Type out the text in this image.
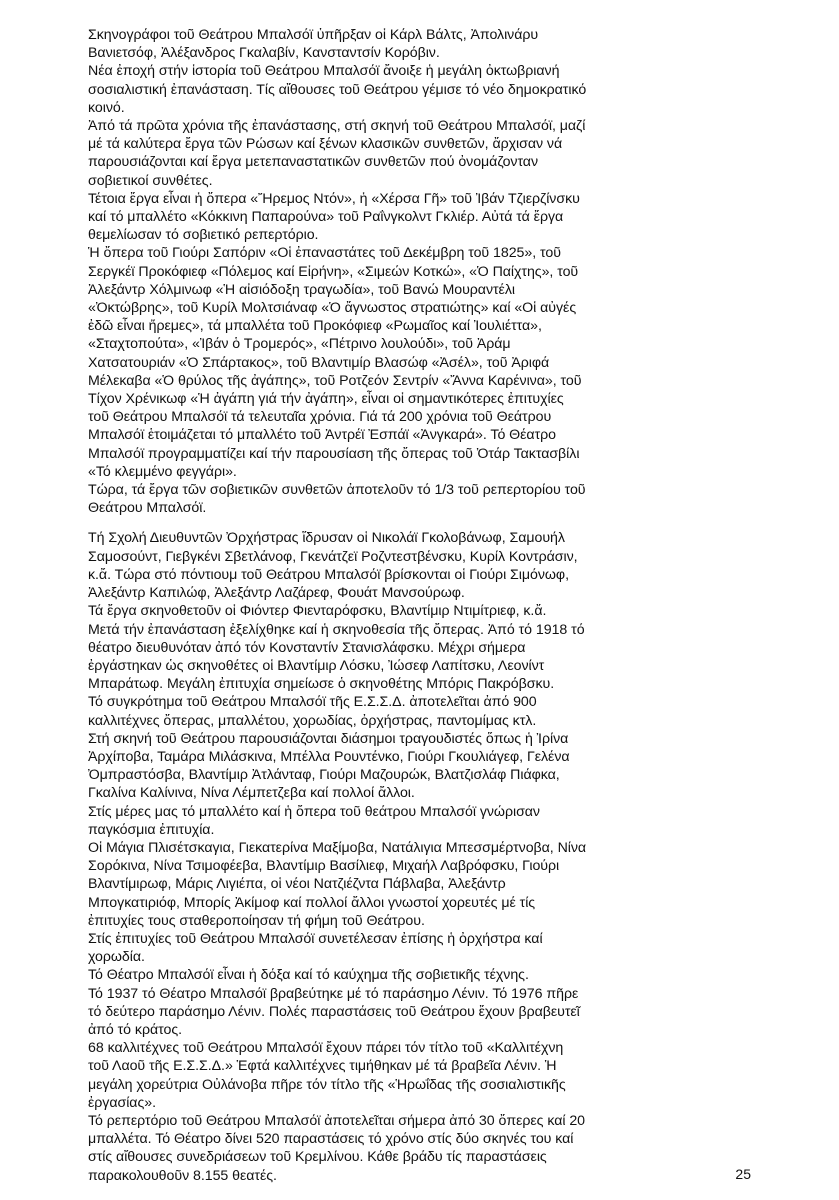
Σκηνογράφοι τοῦ Θεάτρου Μπαλσόϊ ὑπῆρξαν οἱ Κάρλ Βάλτς, Ἀπολινάρυ
Βανιετσόφ, Ἀλέξανδρος Γκαλαβίν, Κανσταντσίν Κορόβιν.

Νέα ἐποχή στήν ἱστορία τοῦ Θεάτρου Μπαλσόϊ ἄνοιξε ἡ μεγάλη ὀκτωβριανή
σοσιαλιστική ἐπανάσταση. Τίς αἴθουσες τοῦ Θεάτρου γέμισε τό νέο δημοκρατικό
κοινό.

Ἀπό τά πρῶτα χρόνια τῆς ἐπανάστασης, στή σκηνή τοῦ Θεάτρου Μπαλσόϊ, μαζί
μέ τά καλύτερα ἔργα τῶν Ρώσων καί ξένων κλασικῶν συνθετῶν, ἄρχισαν νά
παρουσιάζονται καί ἔργα μετεπαναστατικῶν συνθετῶν πού ὀνομάζονταν
σοβιετικοί συνθέτες.

Τέτοια ἔργα εἶναι ἡ ὄπερα «Ἤρεμος Ντόν», ἡ «Χέρσα Γῆ» τοῦ Ἰβάν Τζιερζίνσκυ
καί τό μπαλλέτο «Κόκκινη Παπαρούνα» τοῦ Ραΐνγκολντ Γκλιέρ. Αὐτά τά ἔργα
θεμελίωσαν τό σοβιετικό ρεπερτόριο.

Ἡ ὄπερα τοῦ Γιούρι Σαπόριν «Οἱ ἐπαναστάτες τοῦ Δεκέμβρη τοῦ 1825», τοῦ
Σεργκέϊ Προκόφιεφ «Πόλεμος καί Εἰρήνη», «Σιμεών Κοτκώ», «Ὁ Παίχτης», τοῦ
Ἀλεξάντρ Χόλμινωφ «Ἡ αἰσιόδοξη τραγωδία», τοῦ Βανώ Μουραντέλι
«Ὀκτώβρης», τοῦ Κυρίλ Μολτσιάναφ «Ὁ ἄγνωστος στρατιώτης» καί «Οἱ αὐγές
ἐδῶ εἶναι ἤρεμες», τά μπαλλέτα τοῦ Προκόφιεφ «Ρωμαῖος καί Ἰουλιέττα»,
«Σταχτοπούτα», «Ἰβάν ὁ Τρομερός», «Πέτρινο λουλούδι», τοῦ Ἀράμ
Χατσατουριάν «Ὁ Σπάρτακος», τοῦ Βλαντιμίρ Βλασώφ «Ἀσέλ», τοῦ Ἀριφά
Μέλεκαβα «Ὁ θρύλος τῆς ἀγάπης», τοῦ Ροτζεόν Σεντρίν «Ἄννα Καρένινα», τοῦ
Τίχον Χρένικωφ «Ἡ ἀγάπη γιά τήν ἀγάπη», εἶναι οἱ σημαντικότερες ἐπιτυχίες
τοῦ Θεάτρου Μπαλσόϊ τά τελευταῖα χρόνια. Γιά τά 200 χρόνια τοῦ Θεάτρου
Μπαλσόϊ ἑτοιμάζεται τό μπαλλέτο τοῦ Ἀντρέϊ Ἐσπάϊ «Ἀνγκαρά». Τό Θέατρο
Μπαλσόϊ προγραμματίζει καί τήν παρουσίαση τῆς ὄπερας τοῦ Ὀτάρ Τακτασβίλι
«Τό κλεμμένο φεγγάρι».

Τώρα, τά ἔργα τῶν σοβιετικῶν συνθετῶν ἀποτελοῦν τό 1/3 τοῦ ρεπερτορίου τοῦ
Θεάτρου Μπαλσόϊ.

Τή Σχολή Διευθυντῶν Ὀρχήστρας ἵδρυσαν οἱ Νικολάϊ Γκολοβάνωφ, Σαμουήλ
Σαμοσούντ, Γιεβγκένι Σβετλάνοφ, Γκενάτζεϊ Ροζντεστβένσκυ, Κυρίλ Κοντράσιν,
κ.ἄ. Τώρα στό πόντιουμ τοῦ Θεάτρου Μπαλσόϊ βρίσκονται οἱ Γιούρι Σιμόνωφ,
Ἀλεξάντρ Καπιλώφ, Ἀλεξάντρ Λαζάρεφ, Φουάτ Μανσούρωφ.

Τά ἔργα σκηνοθετοῦν οἱ Φιόντερ Φιενταρόφσκυ, Βλαντίμιρ Ντιμίτριεφ, κ.ἄ.
Μετά τήν ἐπανάσταση ἐξελίχθηκε καί ἡ σκηνοθεσία τῆς ὄπερας. Ἀπό τό 1918 τό
θέατρο διευθυνόταν ἀπό τόν Κονσταντίν Στανισλάφσκυ. Μέχρι σήμερα
ἐργάστηκαν ὡς σκηνοθέτες οἱ Βλαντίμιρ Λόσκυ, Ἰώσεφ Λαπίτσκυ, Λεονίντ
Μπαράτωφ. Μεγάλη ἐπιτυχία σημείωσε ὁ σκηνοθέτης Μπόρις Πακρόβσκυ.

Τό συγκρότημα τοῦ Θεάτρου Μπαλσόϊ τῆς Ε.Σ.Σ.Δ. ἀποτελεῖται ἀπό 900
καλλιτέχνες ὄπερας, μπαλλέτου, χορωδίας, ὀρχήστρας, παντομίμας κτλ.

Στή σκηνή τοῦ Θεάτρου παρουσιάζονται διάσημοι τραγουδιστές ὅπως ἡ Ἰρίνα
Ἀρχίποβα, Ταμάρα Μιλάσκινα, Μπέλλα Ρουντένκο, Γιούρι Γκουλιάγεφ, Γελένα
Ὀμπραστόσβα, Βλαντίμιρ Ἀτλάνταφ, Γιούρι Μαζουρώκ, Βλατζισλάφ Πιάφκα,
Γκαλίνα Καλίνινα, Νίνα Λέμπετζεβα καί πολλοί ἄλλοι.

Στίς μέρες μας τό μπαλλέτο καί ἡ ὄπερα τοῦ θεάτρου Μπαλσόϊ γνώρισαν
παγκόσμια ἐπιτυχία.

Οἱ Μάγια Πλισέτσκαγια, Γιεκατερίνα Μαξίμοβα, Νατάλιγια Μπεσσμέρτνοβα, Νίνα
Σορόκινα, Νίνα Τσιμοφέεβα, Βλαντίμιρ Βασίλιεφ, Μιχαήλ Λαβρόφσκυ, Γιούρι
Βλαντίμιρωφ, Μάρις Λιγιέπα, οἱ νέοι Νατζιέζντα Πάβλαβα, Ἀλεξάντρ
Μπογκατιριόφ, Μπορίς Ἀκίμοφ καί πολλοί ἄλλοι γνωστοί χορευτές μέ τίς
ἐπιτυχίες τους σταθεροποίησαν τή φήμη τοῦ Θεάτρου.

Στίς ἐπιτυχίες τοῦ Θεάτρου Μπαλσόϊ συνετέλεσαν ἐπίσης ἡ ὀρχήστρα καί
χορωδία.

Τό Θέατρο Μπαλσόϊ εἶναι ἡ δόξα καί τό καύχημα τῆς σοβιετικῆς τέχνης.

Τό 1937 τό Θέατρο Μπαλσόϊ βραβεύτηκε μέ τό παράσημο Λένιν. Τό 1976 πῆρε
τό δεύτερο παράσημο Λένιν. Πολές παραστάσεις τοῦ Θεάτρου ἔχουν βραβευτεῖ
ἀπό τό κράτος.

68 καλλιτέχνες τοῦ Θεάτρου Μπαλσόϊ ἔχουν πάρει τόν τίτλο τοῦ «Καλλιτέχνη
τοῦ Λαοῦ τῆς Ε.Σ.Σ.Δ.» Ἑφτά καλλιτέχνες τιμήθηκαν μέ τά βραβεῖα Λένιν. Ἡ
μεγάλη χορεύτρια Οὐλάνοβα πῆρε τόν τίτλο τῆς «Ἡρωΐδας τῆς σοσιαλιστικῆς
ἐργασίας».

Τό ρεπερτόριο τοῦ Θεάτρου Μπαλσόϊ ἀποτελεῖται σήμερα ἀπό 30 ὄπερες καί 20
μπαλλέτα. Τό Θέατρο δίνει 520 παραστάσεις τό χρόνο στίς δύο σκηνές του καί
στίς αἴθουσες συνεδριάσεων τοῦ Κρεμλίνου. Κάθε βράδυ τίς παραστάσεις
παρακολουθοῦν 8.155 θεατές.	25
